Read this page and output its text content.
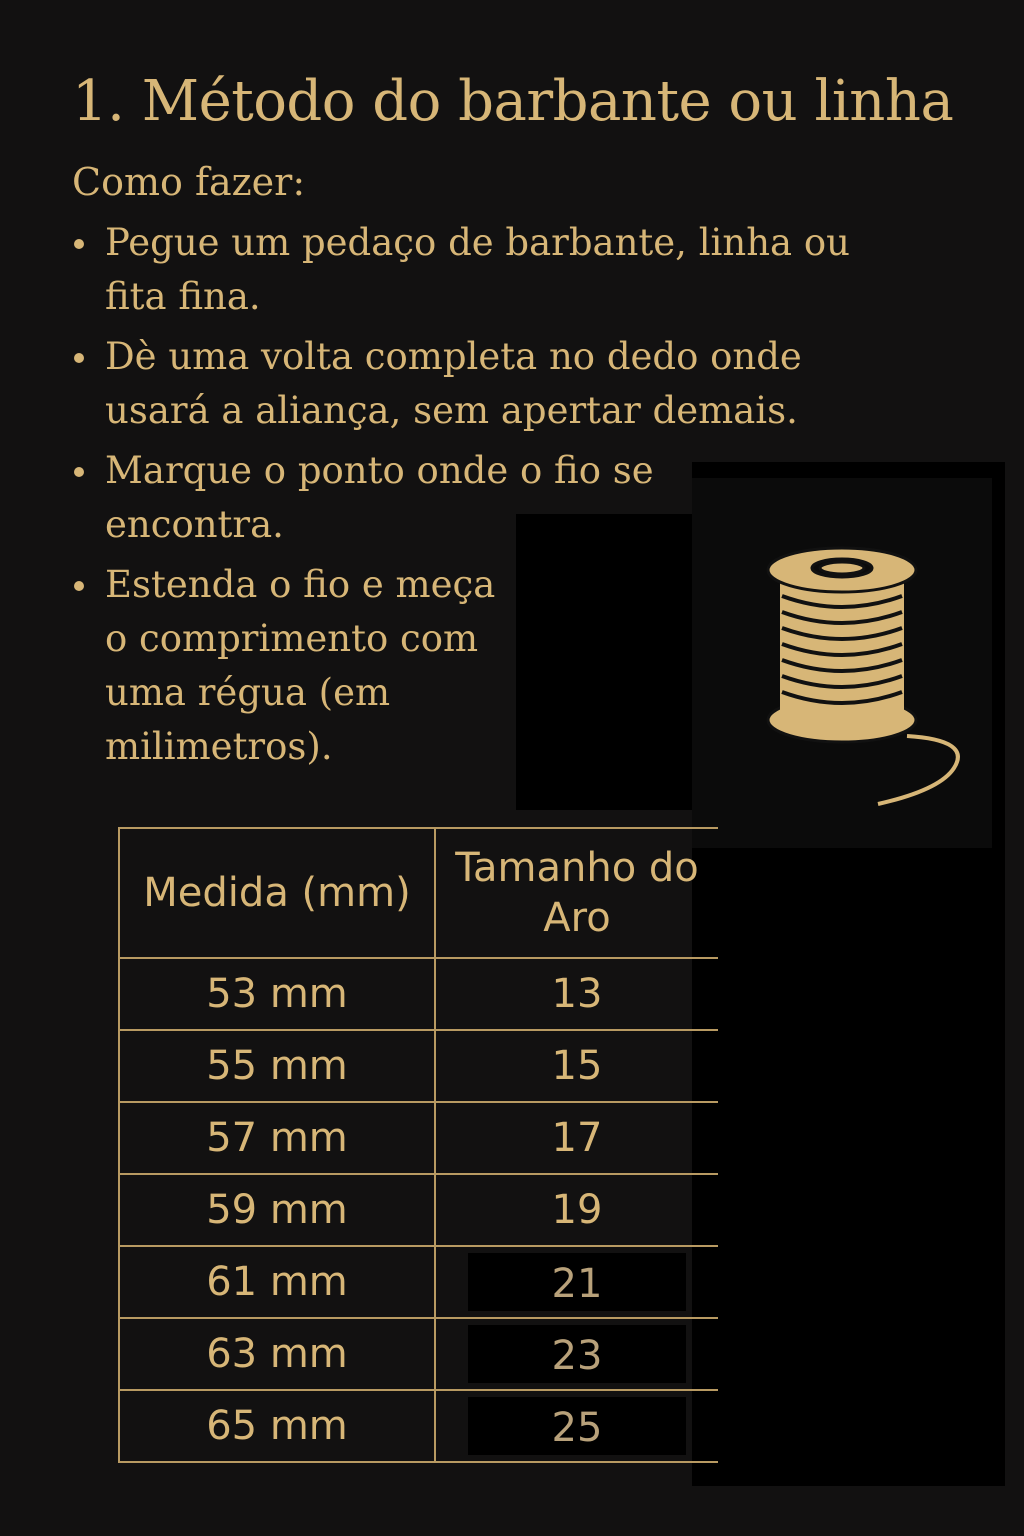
1. Método do barbante ou linha

Como fazer:

Pegue um pedaço de barbante, linha ou fita fina.
Dè uma volta completa no dedo onde usará a aliança, sem apertar demais.
Marque o ponto onde o fio se encontra.
Estenda o fio e meça o comprimento com uma régua (em milimetros).
Medida (mm)	Tamanho do Aro
53 mm	13
55 mm	15
57 mm	17
59 mm	19
61 mm	21
63 mm	23
65 mm	25
